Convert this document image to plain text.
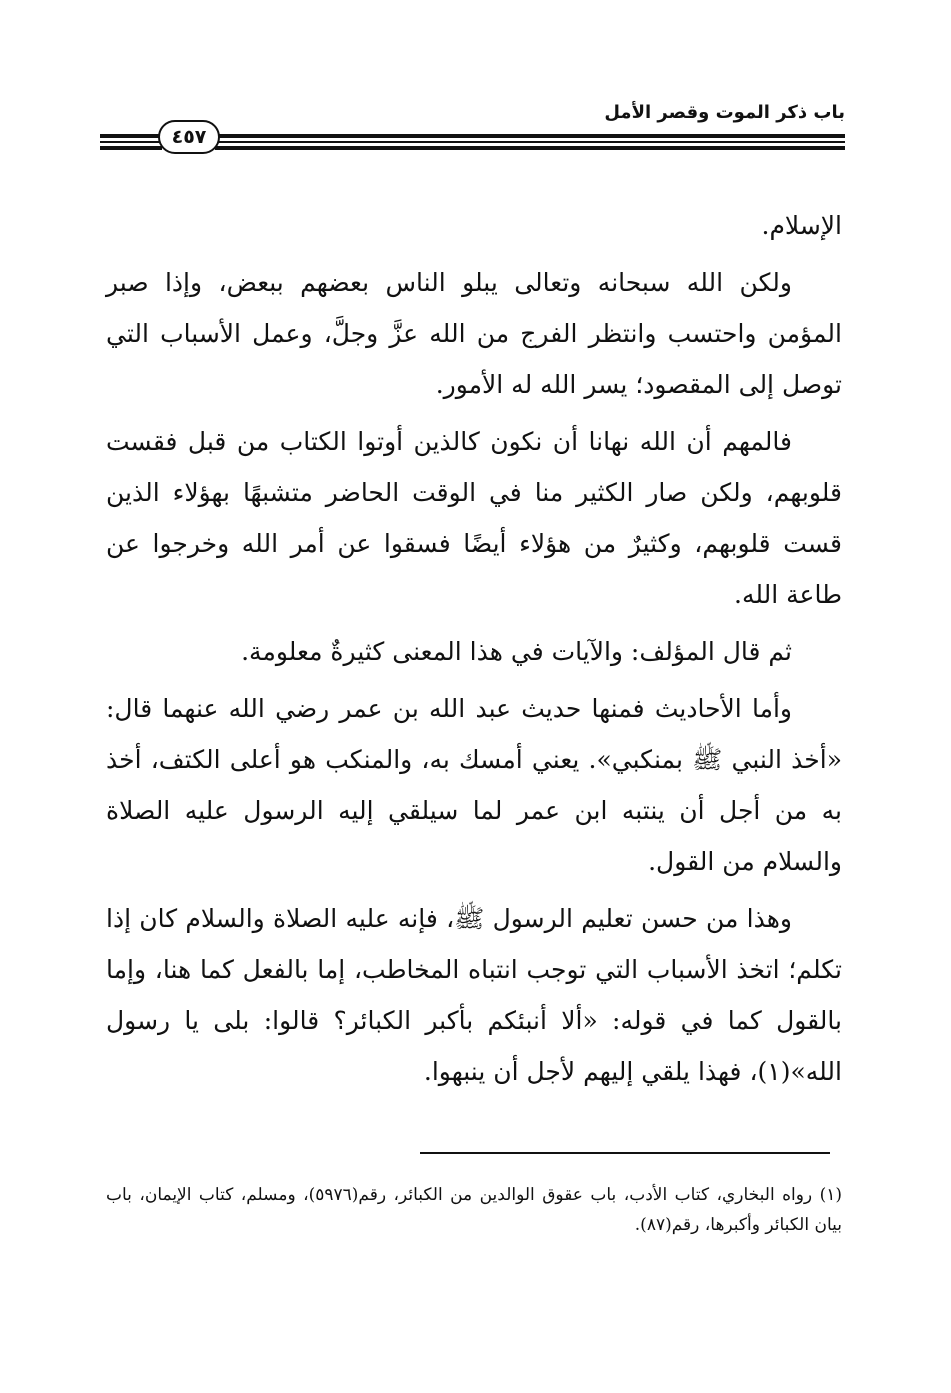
باب ذكر الموت وقصر الأمل
٤٥٧

الإسلام.

ولكن الله سبحانه وتعالى يبلو الناس بعضهم ببعض، وإذا صبر المؤمن واحتسب وانتظر الفرج من الله عزَّ وجلَّ، وعمل الأسباب التي توصل إلى المقصود؛ يسر الله له الأمور.

فالمهم أن الله نهانا أن نكون كالذين أوتوا الكتاب من قبل فقست قلوبهم، ولكن صار الكثير منا في الوقت الحاضر متشبهًا بهؤلاء الذين قست قلوبهم، وكثيرٌ من هؤلاء أيضًا فسقوا عن أمر الله وخرجوا عن طاعة الله.

ثم قال المؤلف: والآيات في هذا المعنى كثيرةٌ معلومة.

وأما الأحاديث فمنها حديث عبد الله بن عمر رضي الله عنهما قال: «أخذ النبي ﷺ بمنكبي». يعني أمسك به، والمنكب هو أعلى الكتف، أخذ به من أجل أن ينتبه ابن عمر لما سيلقي إليه الرسول عليه الصلاة والسلام من القول.

وهذا من حسن تعليم الرسول ﷺ، فإنه عليه الصلاة والسلام كان إذا تكلم؛ اتخذ الأسباب التي توجب انتباه المخاطب، إما بالفعل كما هنا، وإما بالقول كما في قوله: «ألا أنبئكم بأكبر الكبائر؟ قالوا: بلى يا رسول الله»(١)، فهذا يلقي إليهم لأجل أن ينبهوا.

(١) رواه البخاري، كتاب الأدب، باب عقوق الوالدين من الكبائر، رقم(٥٩٧٦)، ومسلم، كتاب الإيمان، باب بيان الكبائر وأكبرها، رقم(٨٧).
